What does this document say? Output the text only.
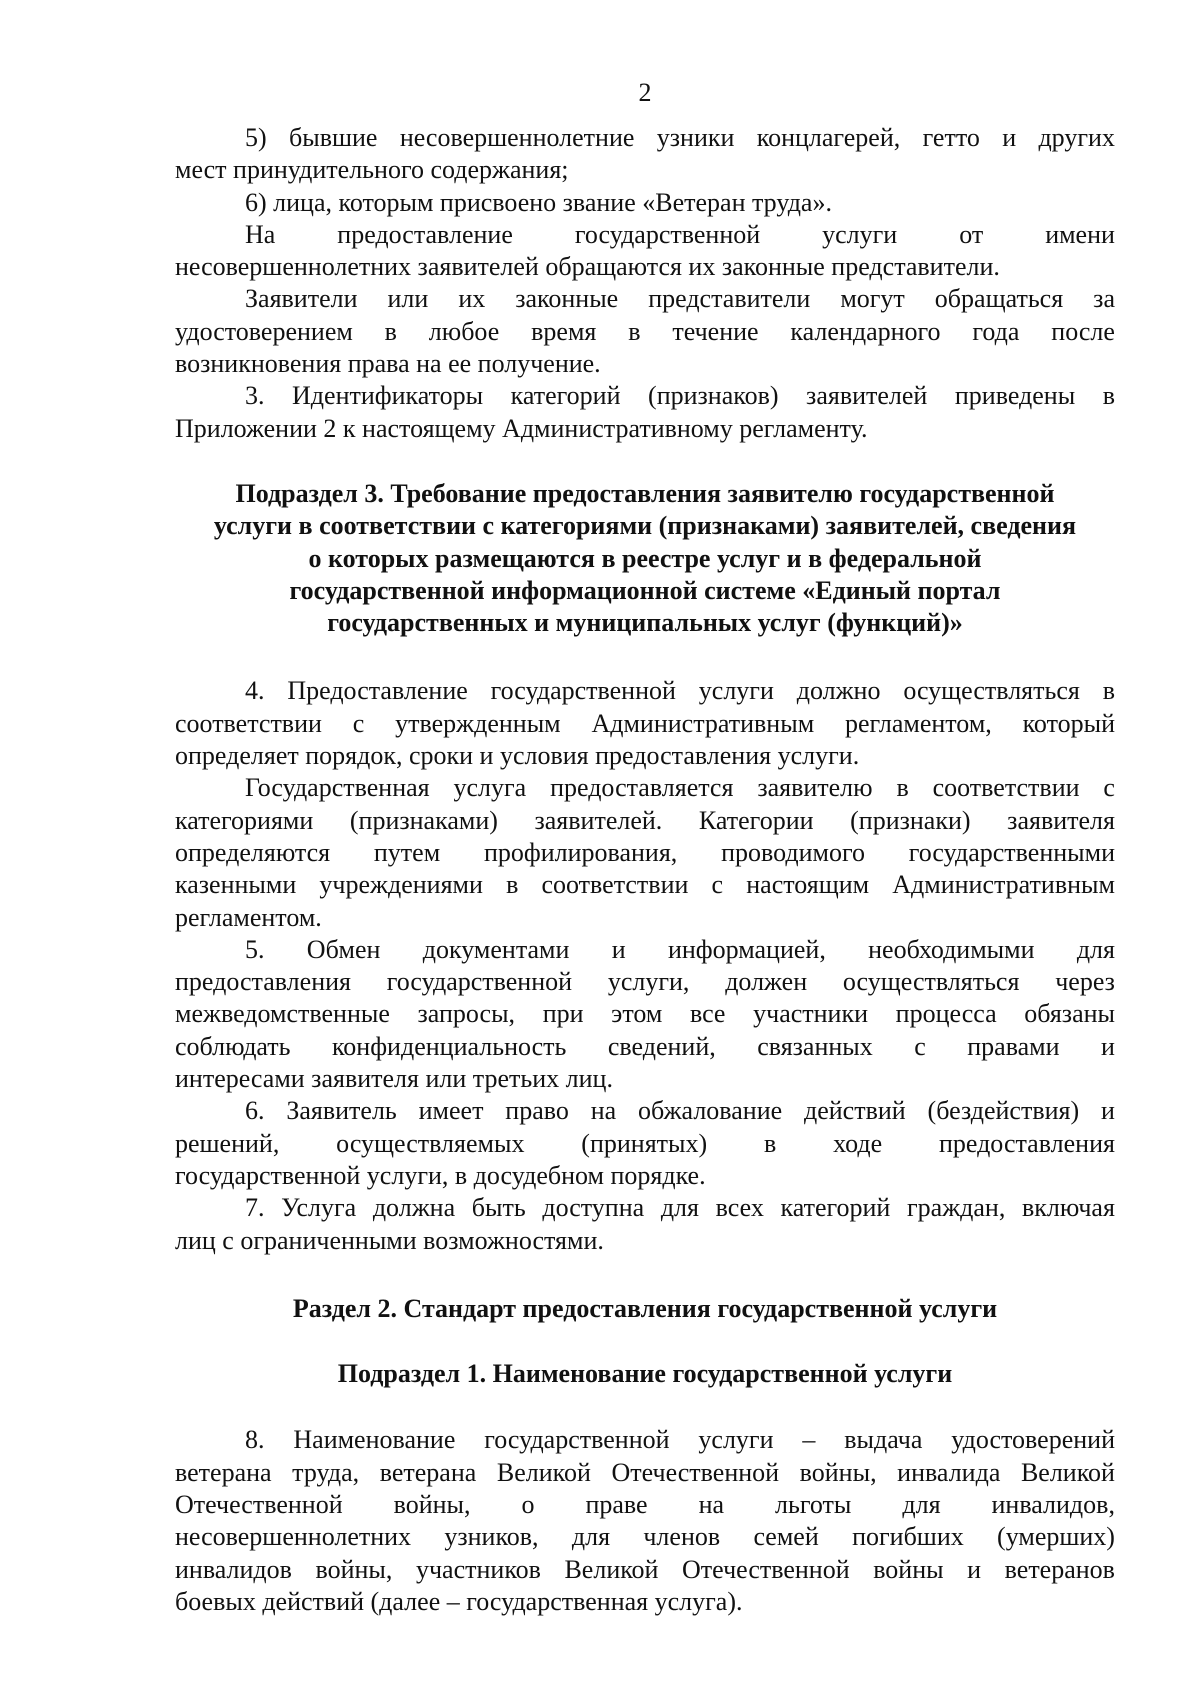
2
5) бывшие несовершеннолетние узники концлагерей, гетто и других
мест принудительного содержания;
6) лица, которым присвоено звание «Ветеран труда».
На предоставление государственной услуги от имени
несовершеннолетних заявителей обращаются их законные представители.
Заявители или их законные представители могут обращаться за
удостоверением в любое время в течение календарного года после
возникновения права на ее получение.
3. Идентификаторы категорий (признаков) заявителей приведены в
Приложении 2 к настоящему Административному регламенту.
Подраздел 3. Требование предоставления заявителю государственной
услуги в соответствии с категориями (признаками) заявителей, сведения
о которых размещаются в реестре услуг и в федеральной
государственной информационной системе «Единый портал
государственных и муниципальных услуг (функций)»
4. Предоставление государственной услуги должно осуществляться в
соответствии с утвержденным Административным регламентом, который
определяет порядок, сроки и условия предоставления услуги.
Государственная услуга предоставляется заявителю в соответствии с
категориями (признаками) заявителей. Категории (признаки) заявителя
определяются путем профилирования, проводимого государственными
казенными учреждениями в соответствии с настоящим Административным
регламентом.
5. Обмен документами и информацией, необходимыми для
предоставления государственной услуги, должен осуществляться через
межведомственные запросы, при этом все участники процесса обязаны
соблюдать конфиденциальность сведений, связанных с правами и
интересами заявителя или третьих лиц.
6. Заявитель имеет право на обжалование действий (бездействия) и
решений, осуществляемых (принятых) в ходе предоставления
государственной услуги, в досудебном порядке.
7. Услуга должна быть доступна для всех категорий граждан, включая
лиц с ограниченными возможностями.
Раздел 2. Стандарт предоставления государственной услуги
Подраздел 1. Наименование государственной услуги
8. Наименование государственной услуги – выдача удостоверений
ветерана труда, ветерана Великой Отечественной войны, инвалида Великой
Отечественной войны, о праве на льготы для инвалидов,
несовершеннолетних узников, для членов семей погибших (умерших)
инвалидов войны, участников Великой Отечественной войны и ветеранов
боевых действий (далее – государственная услуга).
